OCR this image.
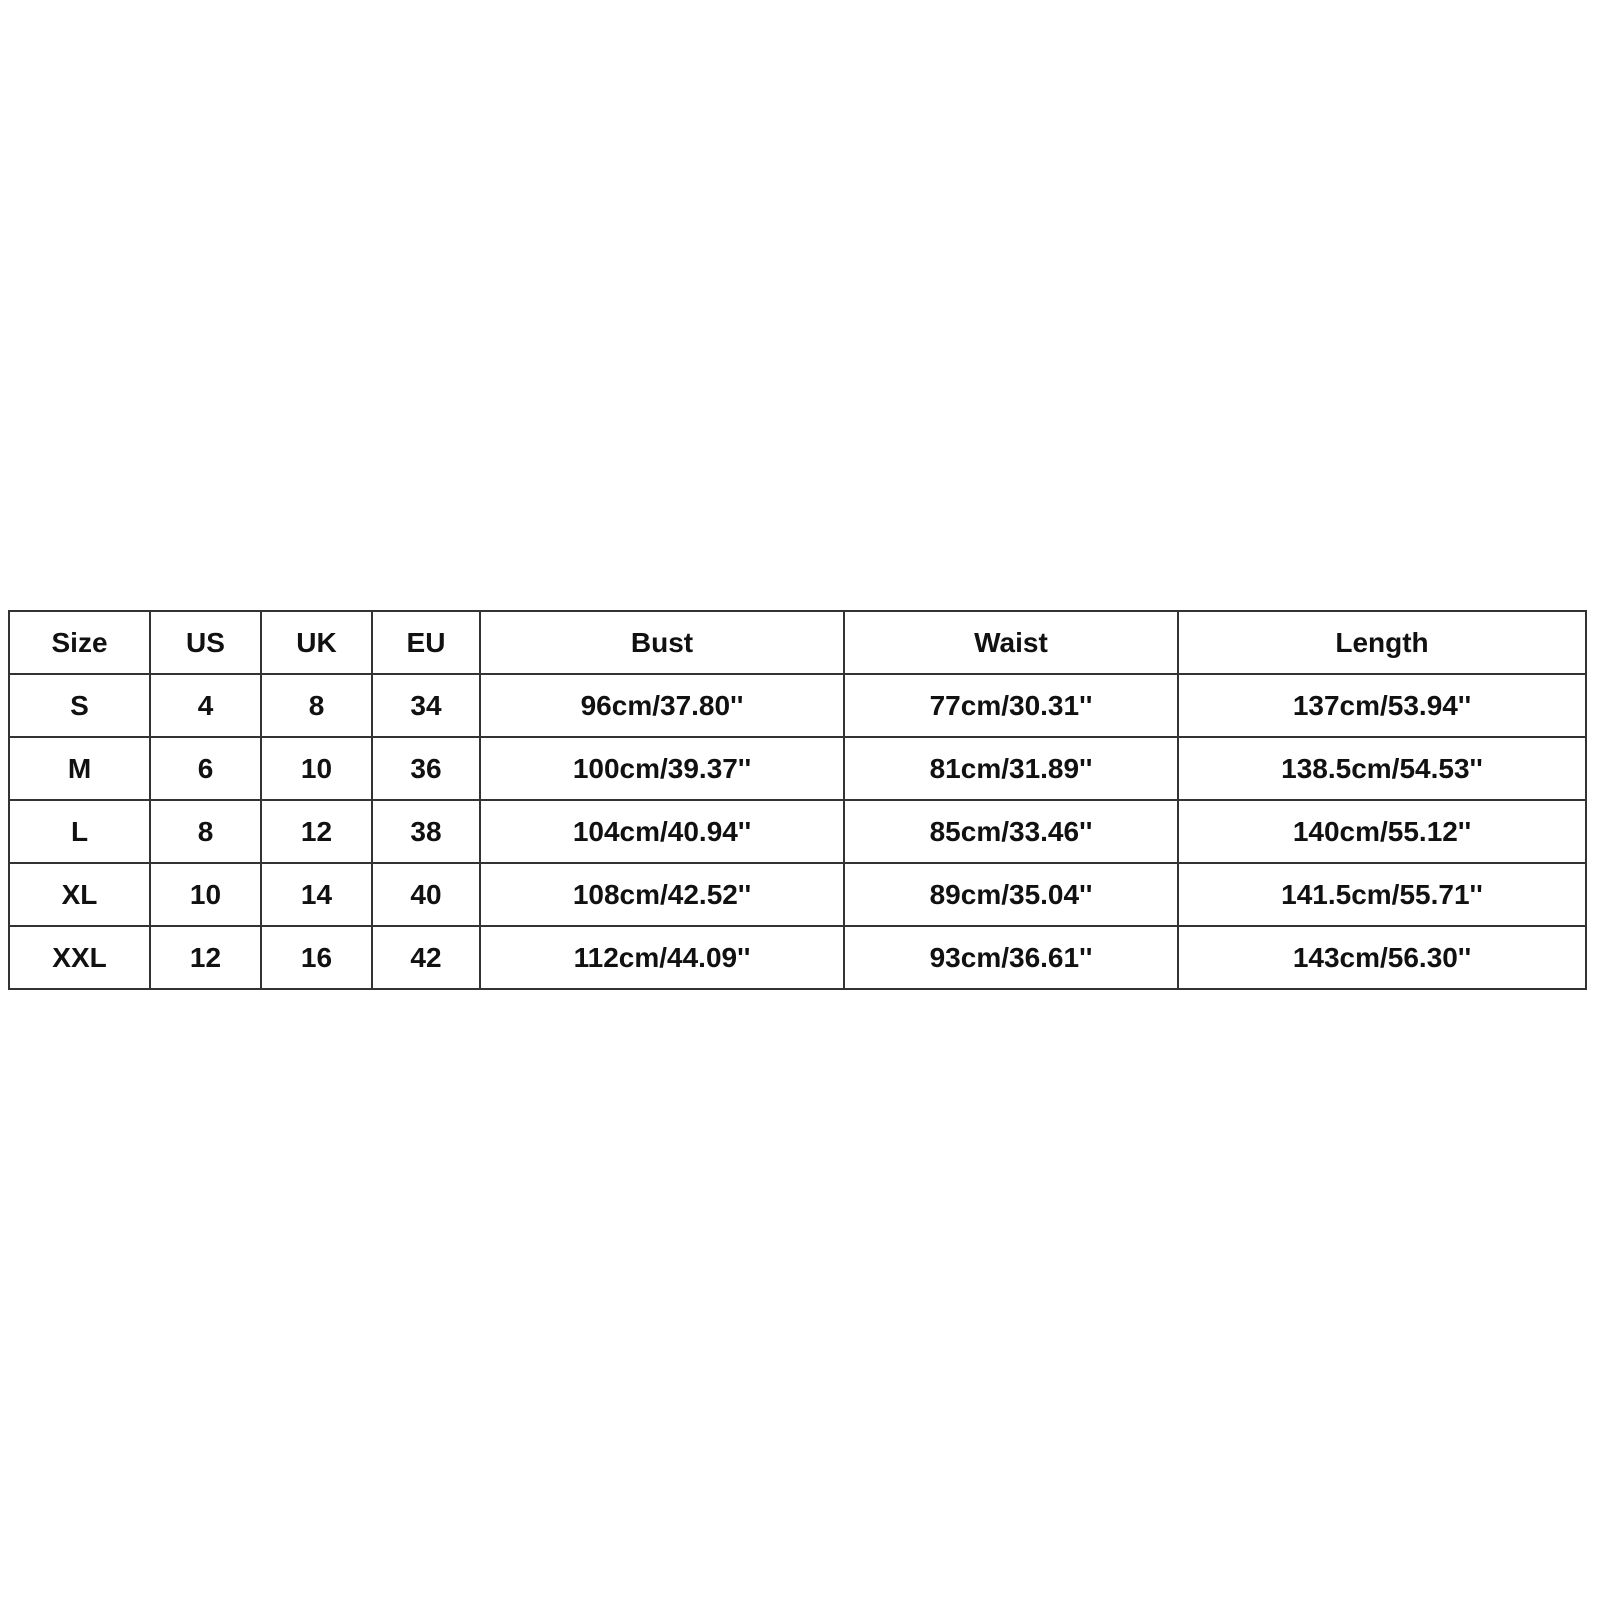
Size	US	UK	EU	Bust	Waist	Length
S	4	8	34	96cm/37.80''	77cm/30.31''	137cm/53.94''
M	6	10	36	100cm/39.37''	81cm/31.89''	138.5cm/54.53''
L	8	12	38	104cm/40.94''	85cm/33.46''	140cm/55.12''
XL	10	14	40	108cm/42.52''	89cm/35.04''	141.5cm/55.71''
XXL	12	16	42	112cm/44.09''	93cm/36.61''	143cm/56.30''
